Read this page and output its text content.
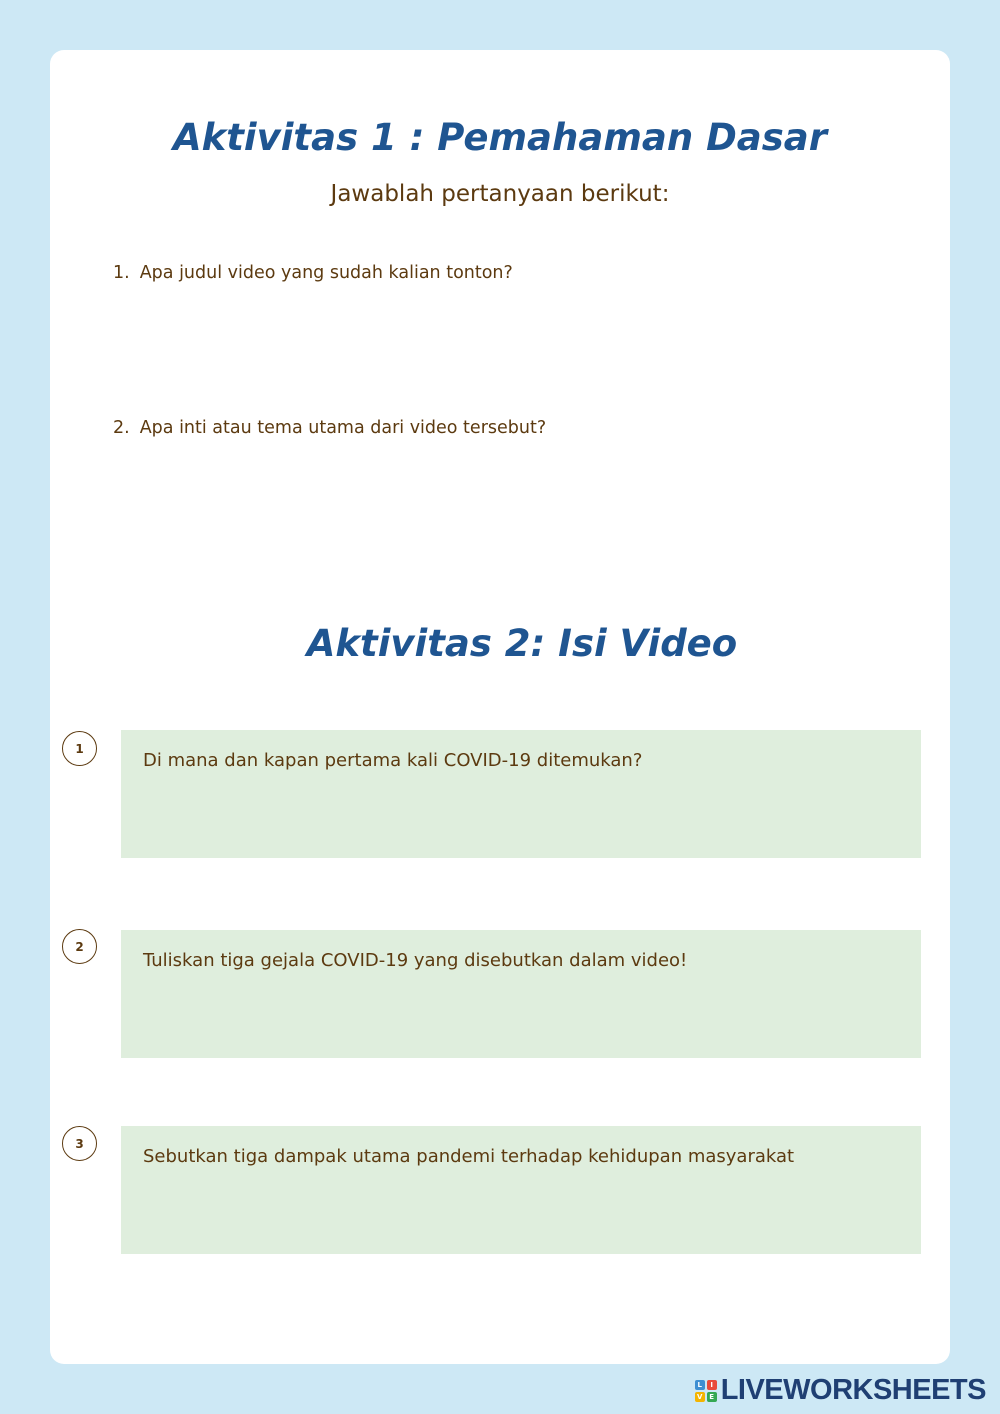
Aktivitas 1 : Pemahaman Dasar

Jawablah pertanyaan berikut:

1. Apa judul video yang sudah kalian tonton?
2. Apa inti atau tema utama dari video tersebut?
Aktivitas 2: Isi Video
1
Di mana dan kapan pertama kali COVID-19 ditemukan?
2
Tuliskan tiga gejala COVID-19 yang disebutkan dalam video!
3
Sebutkan tiga dampak utama pandemi terhadap kehidupan masyarakat
L	I
V E LIVEWORKSHEETS
